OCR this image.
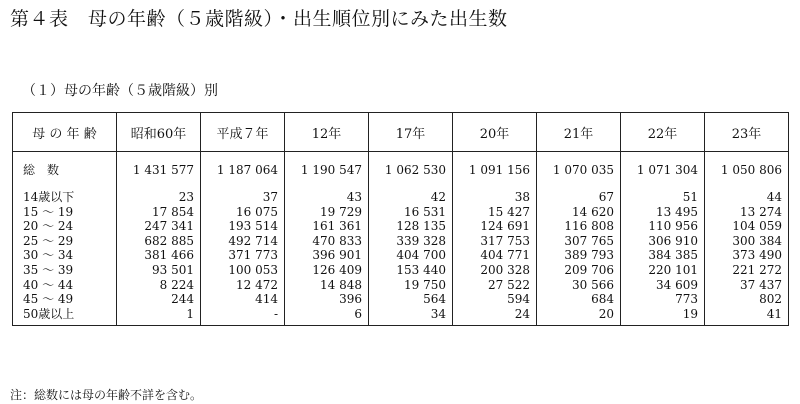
第４表　母の年齢（５歳階級）・出生順位別にみた出生数
（１）母の年齢（５歳階級）別
母 の 年 齢	昭和60年	平成７年	12年	17年	20年	21年	22年	23年
総　数	1 431 577	1 187 064	1 190 547	1 062 530	1 091 156	1 070 035	1 071 304	1 050 806

14歳以下	23	37	43	42	38	67	51	44
15 ～ 19	17 854	16 075	19 729	16 531	15 427	14 620	13 495	13 274
20 ～ 24	247 341	193 514	161 361	128 135	124 691	116 808	110 956	104 059
25 ～ 29	682 885	492 714	470 833	339 328	317 753	307 765	306 910	300 384
30 ～ 34	381 466	371 773	396 901	404 700	404 771	389 793	384 385	373 490
35 ～ 39	93 501	100 053	126 409	153 440	200 328	209 706	220 101	221 272
40 ～ 44	8 224	12 472	14 848	19 750	27 522	30 566	34 609	37 437
45 ～ 49	244	414	396	564	594	684	773	802
50歳以上	1	-	6	34	24	20	19	41
注：総数には母の年齢不詳を含む。
